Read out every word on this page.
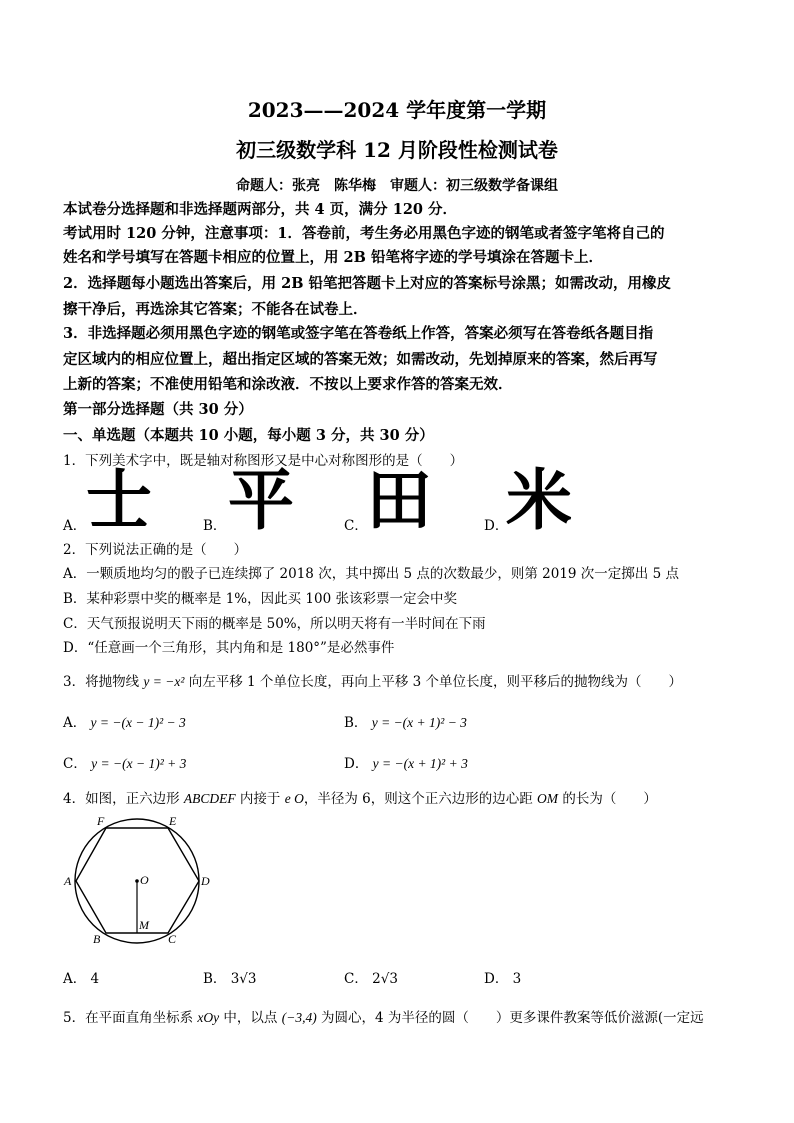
2023——2024 学年度第一学期
初三级数学科 12 月阶段性检测试卷
命题人：张亮　陈华梅　审题人：初三级数学备课组
本试卷分选择题和非选择题两部分，共 4 页，满分 120 分．
考试用时 120 分钟，注意事项：1．答卷前，考生务必用黑色字迹的钢笔或者签字笔将自己的
姓名和学号填写在答题卡相应的位置上，用 2B 铅笔将字迹的学号填涂在答题卡上．
2．选择题每小题选出答案后，用 2B 铅笔把答题卡上对应的答案标号涂黑；如需改动，用橡皮
擦干净后，再选涂其它答案；不能各在试卷上．
3．非选择题必须用黑色字迹的钢笔或签字笔在答卷纸上作答，答案必须写在答卷纸各题目指
定区域内的相应位置上，超出指定区域的答案无效；如需改动，先划掉原来的答案，然后再写
上新的答案；不准使用铅笔和涂改液．不按以上要求作答的答案无效．
第一部分选择题（共 30 分）
一、单选题（本题共 10 小题，每小题 3 分，共 30 分）
1．下列美术字中，既是轴对称图形又是中心对称图形的是（　　）
A． 士	B． 平	C．
田	D．
米
2．下列说法正确的是（　　）
A．一颗质地均匀的骰子已连续掷了 2018 次，其中掷出 5 点的次数最少，则第 2019 次一定掷出 5 点
B．某种彩票中奖的概率是 1%，因此买 100 张该彩票一定会中奖
C．天气预报说明天下雨的概率是 50%，所以明天将有一半时间在下雨
D．“任意画一个三角形，其内角和是 180°”是必然事件
3．将抛物线 y = −x² 向左平移 1 个单位长度，再向上平移 3 个单位长度，则平移后的抛物线为（　　）
A． y = −(x − 1)² − 3	B． y = −(x + 1)² − 3
C． y = −(x − 1)² + 3	D． y = −(x + 1)² + 3
4．如图，正六边形 ABCDEF 内接于 e O，半径为 6，则这个正六边形的边心距 OM 的长为（　　）
F	E
A	O	D
B
M
C
A． 4	B． 3√3	C． 2√3	D． 3
5．在平面直角坐标系 xOy 中，以点 (−3,4) 为圆心，4 为半径的圆（　　）更多课件教案等低价滋源(一定远
